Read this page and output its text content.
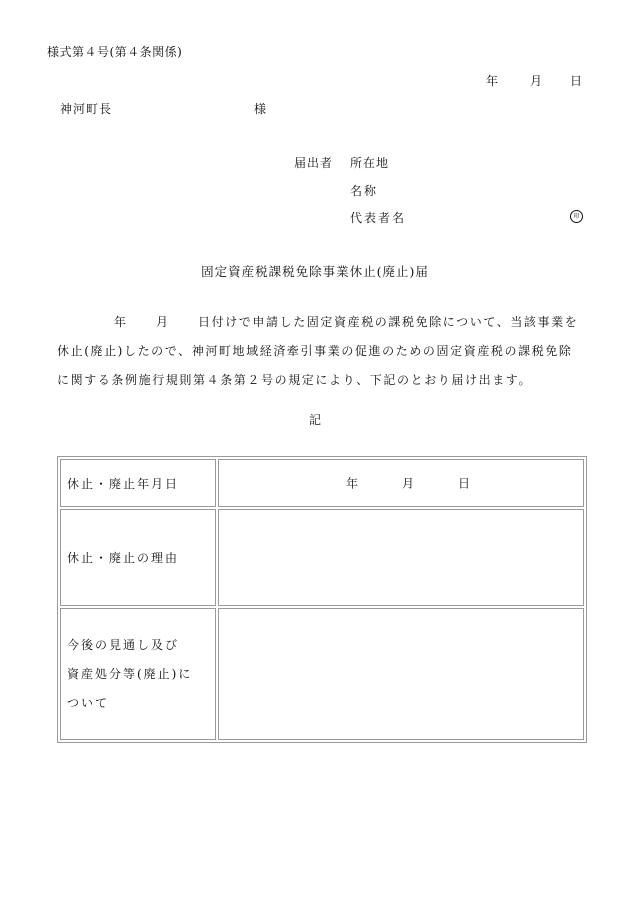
様式第４号(第４条関係)
年	月 日
神河町長	様
届出者 所在地
名称
代表者名	印
固定資産税課税免除事業休止(廃止)届
年 月 日付けで申請した固定資産税の課税免除について、当該事業を
休止(廃止)したので、神河町地域経済牽引事業の促進のための固定資産税の課税免除
に関する条例施行規則第４条第２号の規定により、下記のとおり届け出ます。
記
休止・廃止年月日	年 月 日

休止・廃止の理由	

今後の見通し及び
資産処分等(廃止)に
ついて	
